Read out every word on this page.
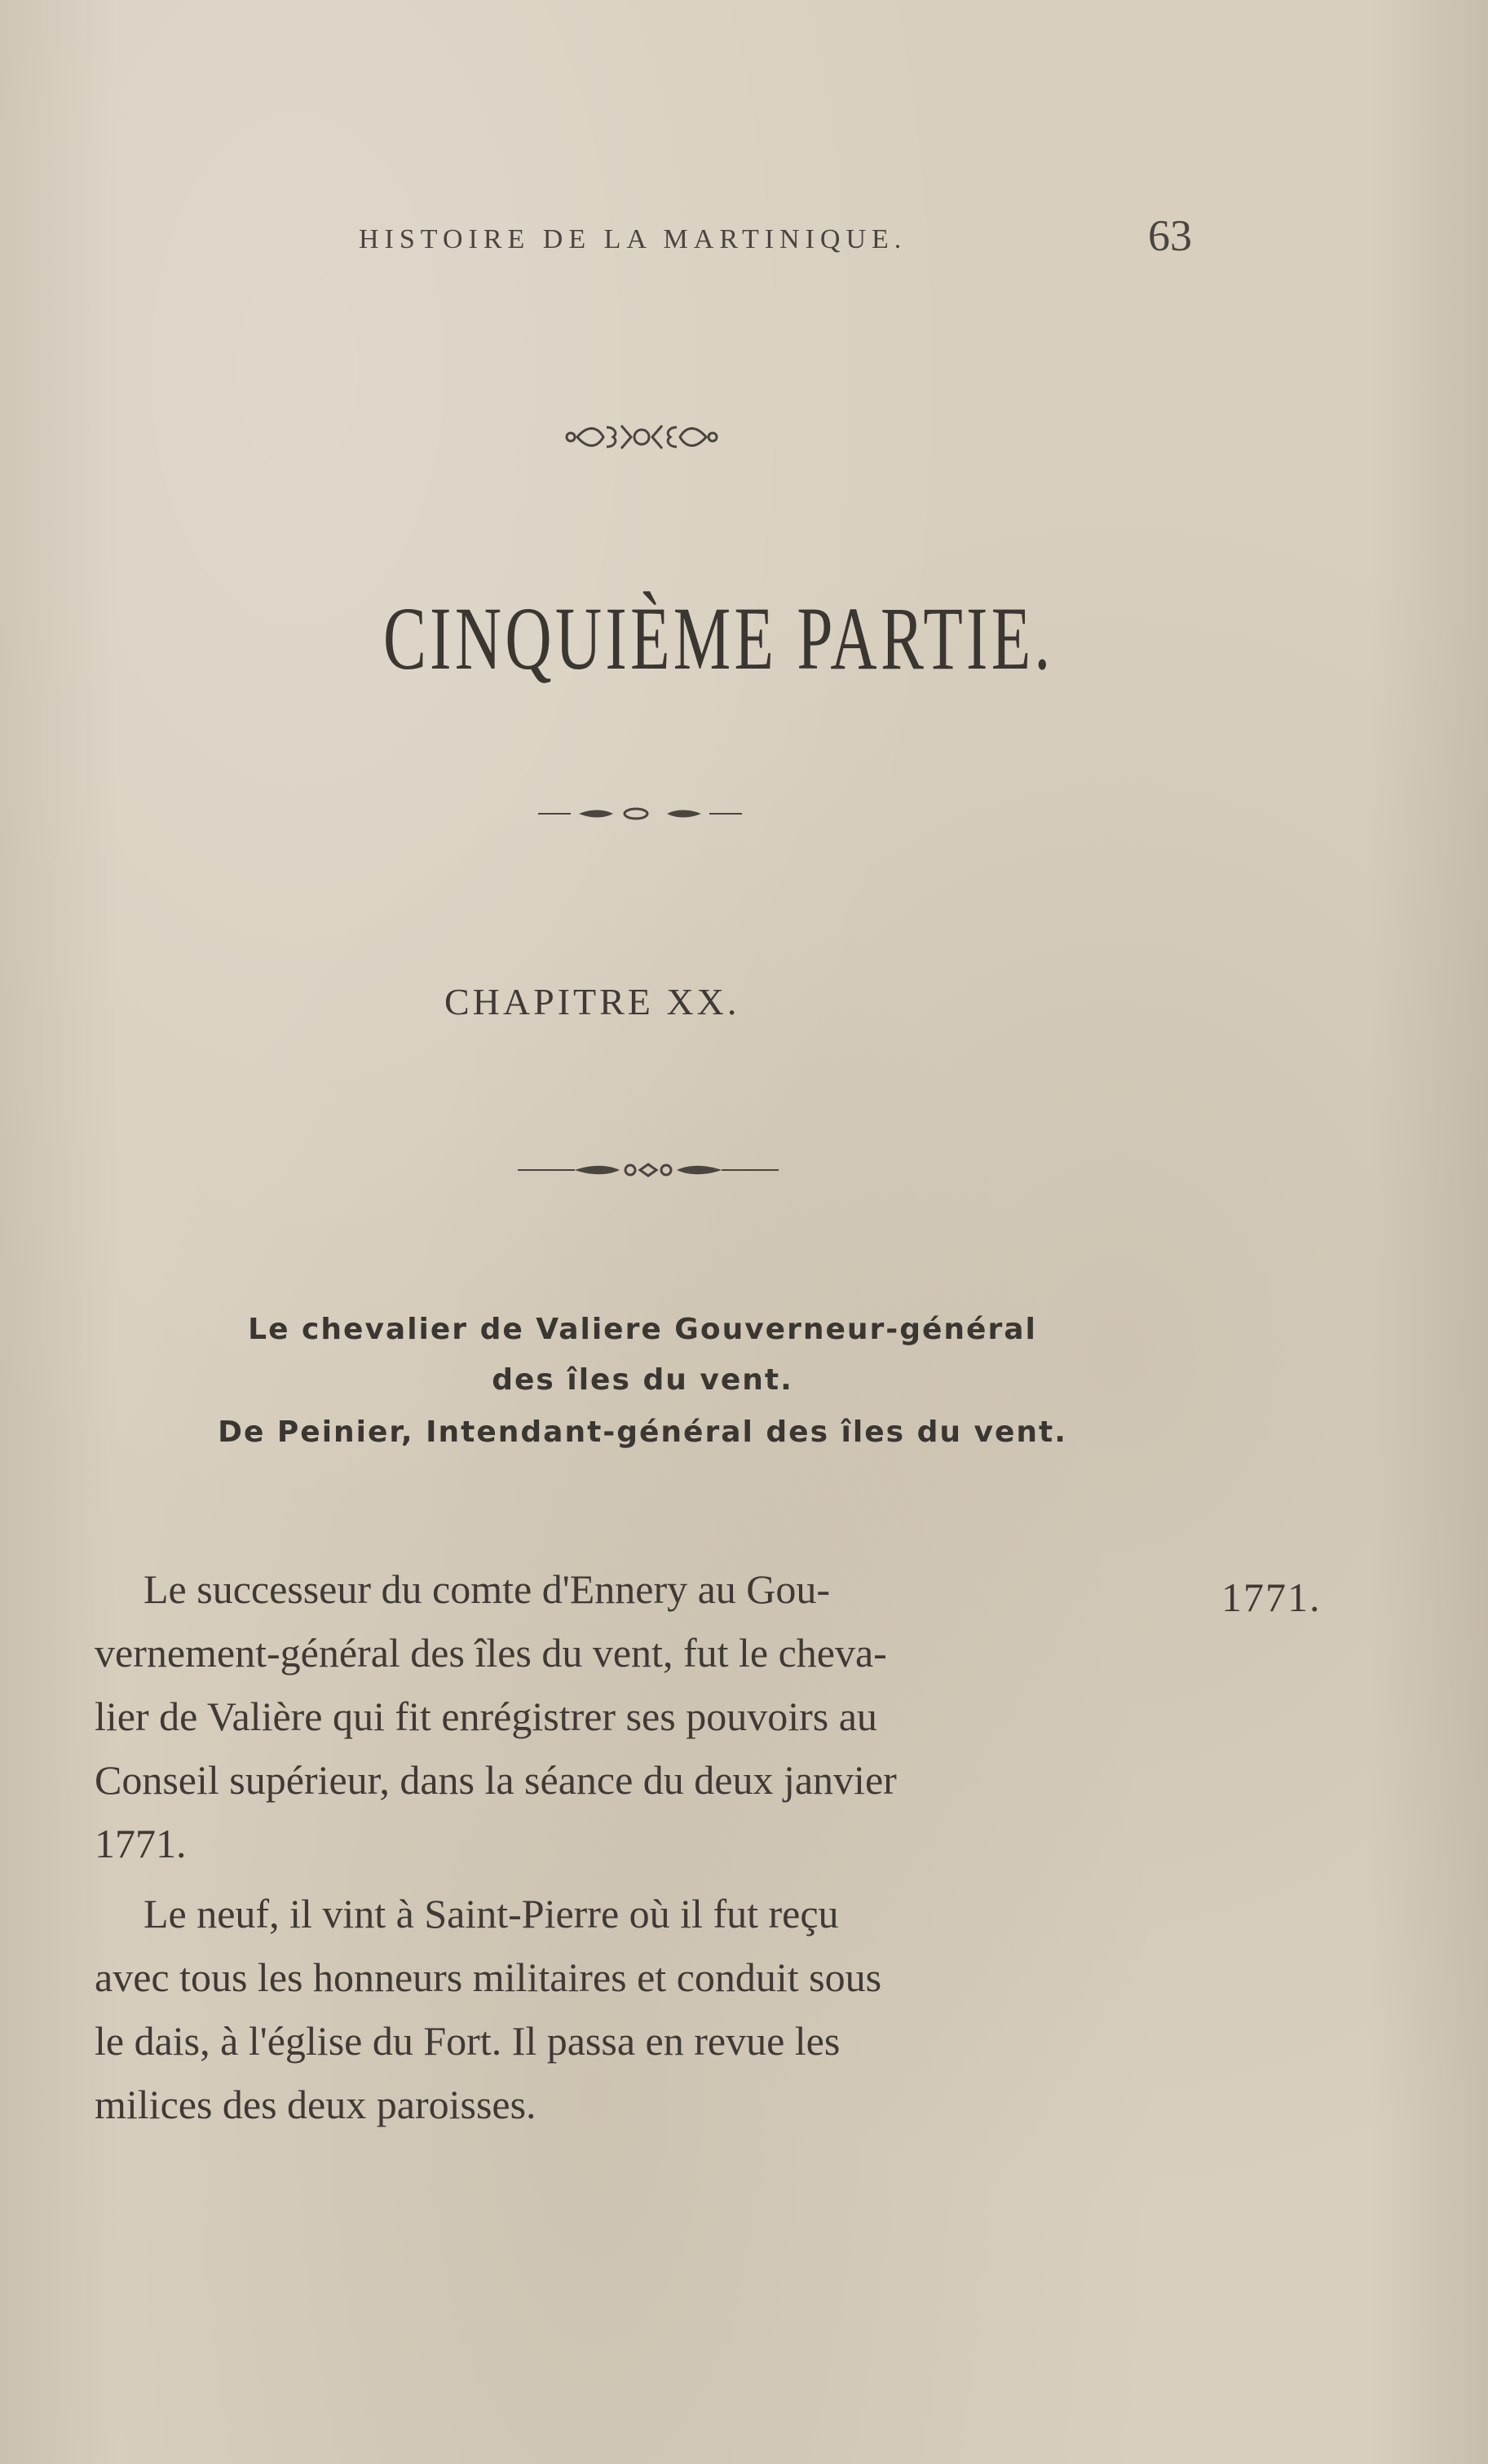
HISTOIRE DE LA MARTINIQUE.	63
CINQUIÈME PARTIE.
CHAPITRE XX.
Le chevalier de Valiere Gouverneur-général
des îles du vent.
De Peinier, Intendant-général des îles du vent.
1771.
Le successeur du comte d'Ennery au Gou-
vernement-général des îles du vent, fut le cheva-
lier de Valière qui fit enrégistrer ses pouvoirs au
Conseil supérieur, dans la séance du deux janvier
1771.
Le neuf, il vint à Saint-Pierre où il fut reçu
avec tous les honneurs militaires et conduit sous
le dais, à l'église du Fort. Il passa en revue les
milices des deux paroisses.
